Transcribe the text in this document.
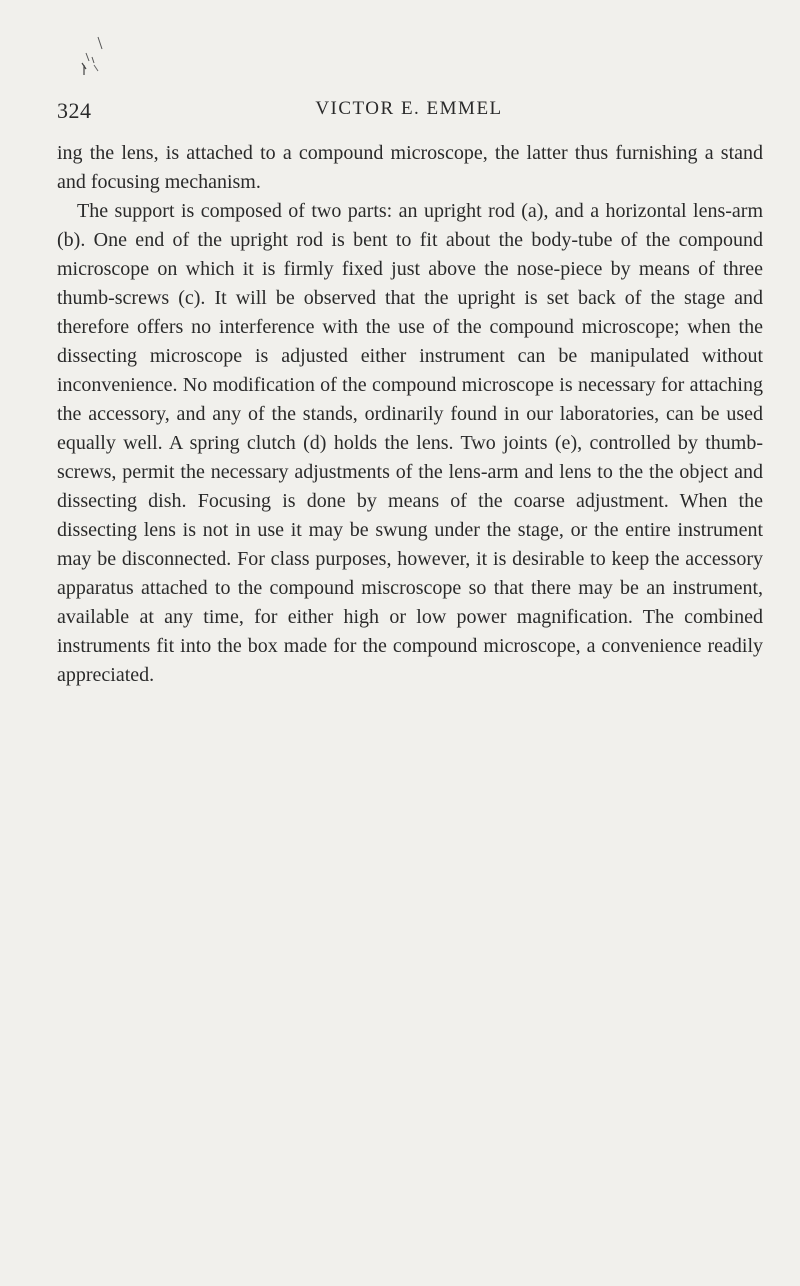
324	VICTOR E. EMMEL

ing the lens, is attached to a compound microscope, the latter thus furnishing a stand and focusing mechanism.

The support is composed of two parts: an upright rod (a), and a horizontal lens-arm (b). One end of the upright rod is bent to fit about the body-tube of the compound microscope on which it is firmly fixed just above the nose-piece by means of three thumb-screws (c). It will be observed that the upright is set back of the stage and therefore offers no interference with the use of the compound microscope; when the dissecting microscope is adjusted either instrument can be manipulated without inconvenience. No modification of the compound microscope is necessary for attaching the accessory, and any of the stands, ordinarily found in our laboratories, can be used equally well. A spring clutch (d) holds the lens. Two joints (e), controlled by thumb-screws, permit the necessary adjustments of the lens-arm and lens to the the object and dissecting dish. Focusing is done by means of the coarse adjustment. When the dissecting lens is not in use it may be swung under the stage, or the entire instrument may be disconnected. For class purposes, however, it is desirable to keep the accessory apparatus attached to the compound miscroscope so that there may be an instrument, available at any time, for either high or low power magnification. The combined instruments fit into the box made for the compound microscope, a convenience readily appreciated.
